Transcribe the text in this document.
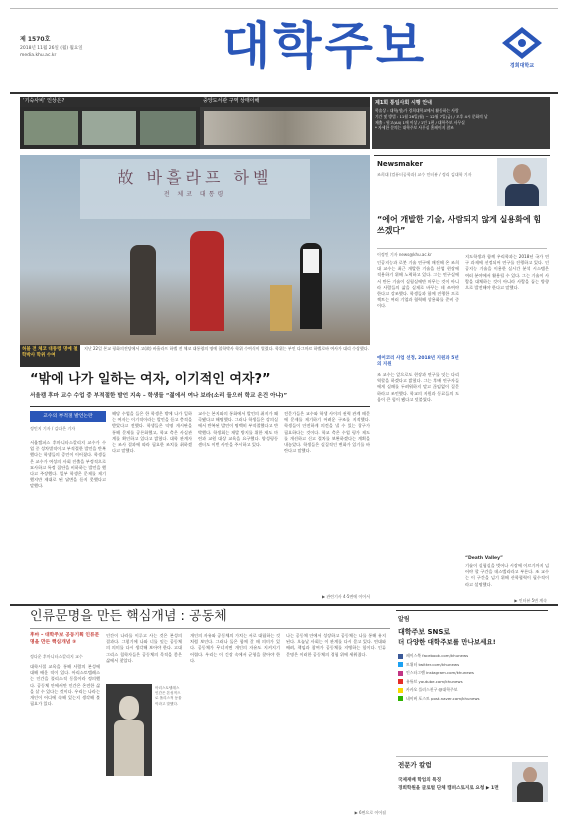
제 1570호
2018년 11월 26일 (월) 월요일
media.khu.ac.kr	대학주보	경희대학교
‘기숙사비’ 인상은?	중앙도서관 구역 상태이해	제1회 통일사회 시행 안내
학술상 : 대학(생)가 경희대학교에서 활동하는 사람
기간 및 방법 : 11월 26일(월) ~ 12월 7일(금) / 오후 4시 문화의 날
제출 : 원고(A4) 1매 이상 / 1인 1편 / 대학주보 사무실
* 자세한 문의는 대학주보 사무실 홈페이지 참조
故 바흘라프 하벨
전 체코 대통령
허블 전 체코 대통령 명예 철학박사 학위 수여
지난 22일 본교 평화의전당에서 고(故) 바흘라프 하벨 전 체코 대통령의 명예 철학박사 학위 수여식이 열렸다. 학위는 부인 다그마르 하벨로바 여사가 대리 수상했다.
Newsmaker
조희대 (컴퓨터공학과) 교수 인터뷰 / 정리 김대학 기자
“에어 개발한 기술, 사람되지 않게 실용화에 힘쓰겠다”
이정민 기자 news@khu.ac.kr
인공지능과 로봇 기술 연구에 매진해 온 조희대 교수는 최근 개발한 기술을 산업 현장에 적용하기 위해 노력하고 있다. 그는 연구실에서 만든 기술이 실험실에만 머무는 것이 아니라 사람들의 삶을 실제로 바꾸는 데 쓰여야 한다고 강조했다. 학생들과 함께 진행한 프로젝트는 여러 기업과 협력해 상용화를 준비 중이다.
에어코리 사업 선정, 2018년 지원과 5년의 지원
조 교수는 앞으로도 현장과 연구를 잇는 다리 역할을 하겠다고 밝혔다. 그는 후배 연구자들에게 실패를 두려워하지 말고 끊임없이 질문하라고 조언했다. 학교의 지원과 동료들의 도움이 큰 힘이 됐다고 덧붙였다.
지도학생과 함께 우리학과는 2018년 국가 연구 과제에 선정되어 연구를 진행하고 있다. 인공지능 기술을 이용한 실시간 분석 시스템은 여러 분야에서 활용될 수 있다. 그는 기술이 사람을 대체하는 것이 아니라 사람을 돕는 방향으로 발전해야 한다고 말했다.
“Death Valley”
기술이 실험실을 벗어나 시장에 이르기까지 넘어야 할 구간을 데스밸리라고 부른다. 조 교수는 이 구간을 넘기 위해 산학협력이 필수적이라고 설명했다.
▶ 인터뷰 5면 계속
“밖에 나가 일하는 여자, 이기적인 여자?”
서울캠 후마 교수 수업 중 부적절한 발언 지속 – 학생들 “젊에서 여나 보라(소리 들으러 학교 온건 아냐)”
교수의 부적절 발언논란
정민지 기자 / 김다은 기자
서울캠퍼스 후마니타스칼리지 교수가 수업 중 성차별적이고 부적절한 발언을 반복했다는 학생들의 증언이 이어졌다. 학생들은 교수가 여성의 사회 진출을 부정적으로 묘사하고 특정 집단을 비하하는 발언을 했다고 주장했다. 일부 학생은 문제를 제기했지만 제대로 된 답변을 듣지 못했다고 말했다.
해당 수업을 들은 한 학생은 밖에 나가 일하는 여자는 이기적이라는 발언을 듣고 충격을 받았다고 전했다. 학생들은 익명 게시판을 통해 문제를 공론화했고, 학교 측은 사실관계를 확인하고 있다고 밝혔다. 대학 관계자는 조사 결과에 따라 필요한 조치를 취하겠다고 말했다.
교수는 본지와의 통화에서 발언의 취지가 왜곡됐다고 해명했다. 그러나 학생들은 강의실에서 반복된 발언이 명백히 부적절했다고 반박했다. 학생회는 재발 방지를 위한 제도 마련과 교원 대상 교육을 요구했다. 양성평등센터도 이번 사안을 주시하고 있다.
전문가들은 교수와 학생 사이의 권력 관계 때문에 문제를 제기하기 어려운 구조를 지적했다. 학생들이 안전하게 의견을 낼 수 있는 창구가 필요하다는 것이다. 학교 측은 수업 평가 제도를 개선하고 신고 절차를 보완하겠다는 계획을 내놓았다. 학생들은 실질적인 변화가 있기를 바란다고 말했다.
▶ 관련기사 4·5면에 이어서
인류문명을 만든 핵심개념 : 공동체
후마 – 대학주보 공동기획 인류문명을 만든 핵심개념 ⑤
정다운 후마니타스칼리지 교수
대학시절 교육을 통해 사람의 본성에 대해 배운 적이 있다. 아리스토텔레스는 인간을 폴리스적 동물이라 정의했다. 공동체 안에서만 인간은 온전한 삶을 살 수 있다는 것이다. 우리는 나라는 개인이 어디에 속해 있는지 생각해 볼 필요가 있다.
인간이 나라를 이루고 사는 것은 본성의 결과다. 그렇기에 나와 너를 잇는 공동체의 의미를 다시 생각해 보아야 한다. 고대 그리스 철학자들은 공동체의 목적을 좋은 삶에서 찾았다.
아리스토텔레스 인간은 본성적으로 폴리스적 동물이라고 말했다.
개인의 자유와 공동체의 가치는 서로 대립하는 것처럼 보인다. 그러나 둘은 함께 갈 때 의미가 있다. 공동체가 무너지면 개인의 자유도 지켜지기 어렵다. 우리는 이 긴장 속에서 균형을 찾아야 한다.
나는 공동체 안에서 성장하고 공동체는 나를 통해 유지된다. 오늘날 사회는 이 관계를 다시 묻고 있다. 연대와 배려, 책임과 참여가 공동체를 지탱하는 힘이다. 인류 문명은 이러한 공동체의 경험 위에 세워졌다.
▶ 6면으로 이어짐
알림
대학주보 SNS로
더 다양한 대학주보를 만나보세요!
페이스북 facebook.com/khunews
트위터 twitter.com/khunews
인스타그램 instagram.com/khunews
유튜브 youtube.com/khunews
카카오 플러스친구 @대학주보
네이버 포스트 post.naver.com/khunews
전문가 칼럼
국제재배 학업의 특징
경희학원을 글로벌 단체 캠퍼스토지로 요청 ▶ 1면
